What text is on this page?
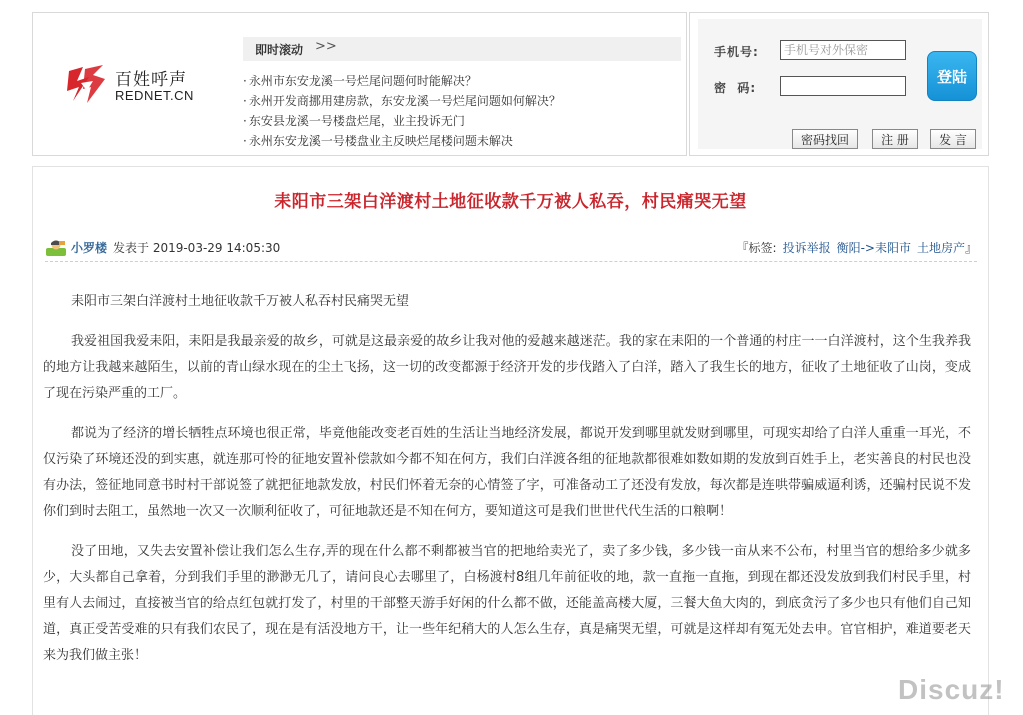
百姓呼声
REDNET.CN
即时滚动 >>
· 永州市东安龙溪一号烂尾问题何时能解决？
· 永州开发商挪用建房款，东安龙溪一号烂尾问题如何解决？
· 东安县龙溪一号楼盘烂尾，业主投诉无门
· 永州东安龙溪一号楼盘业主反映烂尾楼问题未解决
手机号:
手机号对外保密
密  码:
登陆
密码找回	注 册	发 言
耒阳市三架白洋渡村土地征收款千万被人私吞，村民痛哭无望
小罗楼 发表于 2019-03-29 14:05:30	『标签: 投诉举报 衡阳->耒阳市 土地房产』

耒阳市三架白洋渡村土地征收款千万被人私吞村民痛哭无望

我爱祖国我爱耒阳，耒阳是我最亲爱的故乡，可就是这最亲爱的故乡让我对他的爱越来越迷茫。我的家在耒阳的一个普通的村庄一一白洋渡村，这个生我养我的地方让我越来越陌生，以前的青山绿水现在的尘土飞扬，这一切的改变都源于经济开发的步伐踏入了白洋，踏入了我生长的地方，征收了土地征收了山岗，变成了现在污染严重的工厂。

都说为了经济的增长牺牲点环境也很正常，毕竟他能改变老百姓的生活让当地经济发展，都说开发到哪里就发财到哪里，可现实却给了白洋人重重一耳光，不仅污染了环境还没的到实惠，就连那可怜的征地安置补偿款如今都不知在何方，我们白洋渡各组的征地款都很难如数如期的发放到百姓手上，老实善良的村民也没有办法，签征地同意书时村干部说签了就把征地款发放，村民们怀着无奈的心情签了字，可准备动工了还没有发放，每次都是连哄带骗威逼利诱，还骗村民说不发你们到时去阻工，虽然地一次又一次顺利征收了，可征地款还是不知在何方，要知道这可是我们世世代代生活的口粮啊！

没了田地，又失去安置补偿让我们怎么生存,弄的现在什么都不剩都被当官的把地给卖光了，卖了多少钱，多少钱一亩从来不公布，村里当官的想给多少就多少，大头都自己拿着，分到我们手里的渺渺无几了，请问良心去哪里了，白杨渡村8组几年前征收的地，款一直拖一直拖，到现在都还没发放到我们村民手里，村里有人去闹过，直接被当官的给点红包就打发了，村里的干部整天游手好闲的什么都不做，还能盖高楼大厦，三餐大鱼大肉的，到底贪污了多少也只有他们自己知道，真正受苦受难的只有我们农民了，现在是有活没地方干，让一些年纪稍大的人怎么生存，真是痛哭无望，可就是这样却有冤无处去申。官官相护，难道要老天来为我们做主张！

Discuz!
